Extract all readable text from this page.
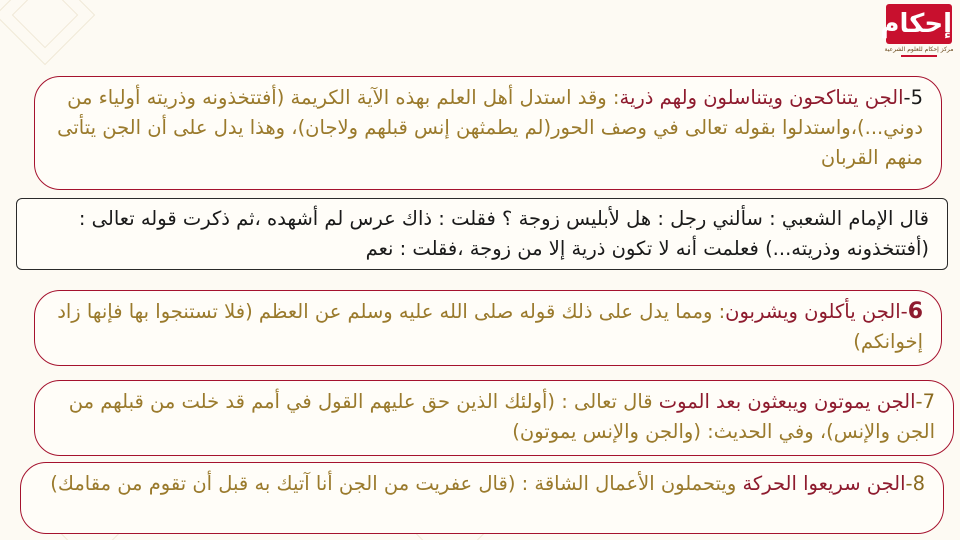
إحكام
مركز إحكام للعلوم الشرعية
5-الجن يتناكحون ويتناسلون ولهم ذرية: وقد استدل أهل العلم بهذه الآية الكريمة (أفتتخذونه وذريته أولياء من دوني...)،واستدلوا بقوله تعالى في وصف الحور(لم يطمثهن إنس قبلهم ولاجان)، وهذا يدل على أن الجن يتأتى منهم القربان
قال الإمام الشعبي : سألني رجل : هل لأبليس زوجة ؟ فقلت : ذاك عرس لم أشهده ،ثم ذكرت قوله تعالى : (أفتتخذونه وذريته...) فعلمت أنه لا تكون ذرية إلا من زوجة ،فقلت : نعم
6-الجن يأكلون ويشربون: ومما يدل على ذلك قوله صلى الله عليه وسلم عن العظم (فلا تستنجوا بها فإنها زاد إخوانكم)
7-الجن يموتون ويبعثون بعد الموت قال تعالى : (أولئك الذين حق عليهم القول في أمم قد خلت من قبلهم من الجن والإنس)، وفي الحديث: (والجن والإنس يموتون)
8-الجن سريعوا الحركة ويتحملون الأعمال الشاقة : (قال عفريت من الجن أنا آتيك به قبل أن تقوم من مقامك)
